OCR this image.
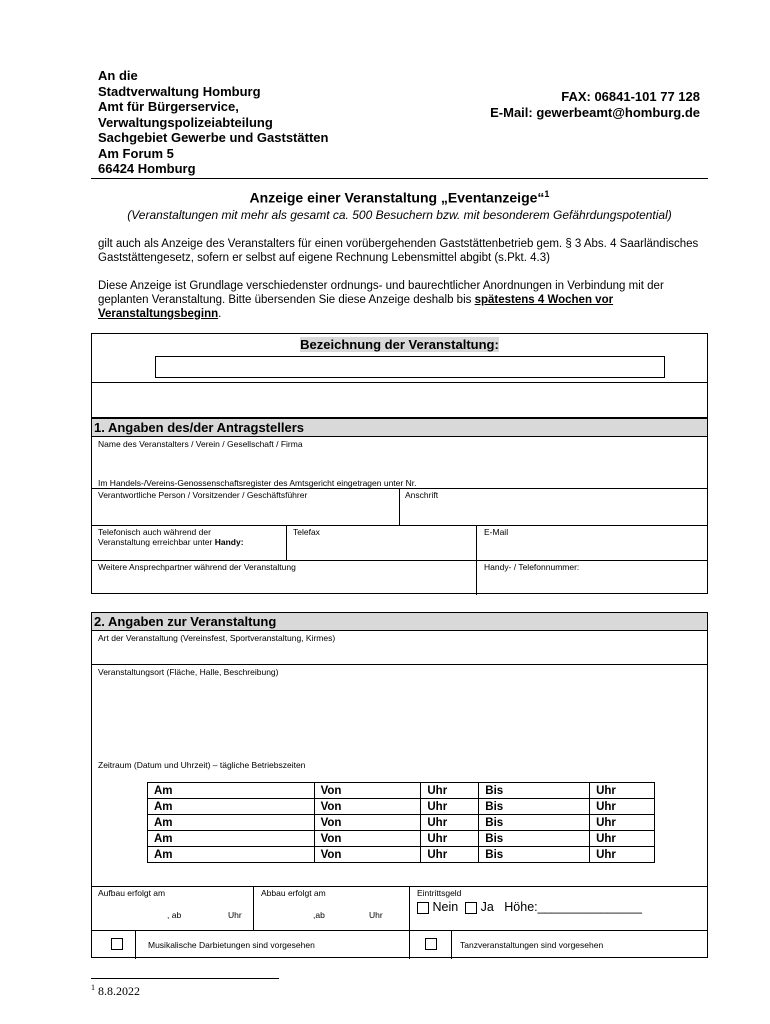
An die
Stadtverwaltung Homburg
Amt für Bürgerservice,
Verwaltungspolizeiabteilung
Sachgebiet Gewerbe und Gaststätten
Am Forum 5
66424 Homburg
FAX: 06841-101 77 128
E-Mail: gewerbeamt@homburg.de
Anzeige einer Veranstaltung „Eventanzeige“$^1$
(Veranstaltungen mit mehr als gesamt ca. 500 Besuchern bzw. mit besonderem Gefährdungspotential)
gilt auch als Anzeige des Veranstalters für einen vorübergehenden Gaststättenbetrieb gem. § 3 Abs. 4 Saarländisches Gaststättengesetz, sofern er selbst auf eigene Rechnung Lebensmittel abgibt (s.Pkt. 4.3)
Diese Anzeige ist Grundlage verschiedenster ordnungs- und baurechtlicher Anordnungen in Verbindung mit der geplanten Veranstaltung. Bitte übersenden Sie diese Anzeige deshalb bis spätestens 4 Wochen vor Veranstaltungsbeginn.
Bezeichnung der Veranstaltung:
1. Angaben des/der Antragstellers
Name des Veranstalters / Verein / Gesellschaft / Firma
Im Handels-/Vereins-Genossenschaftsregister des Amtsgericht eingetragen unter Nr.
Verantwortliche Person / Vorsitzender / Geschäftsführer	Anschrift
Telefonisch auch während der
Veranstaltung erreichbar unter Handy:
Telefax	E-Mail
Weitere Ansprechpartner während der Veranstaltung	Handy- / Telefonnummer:
2. Angaben zur Veranstaltung
Art der Veranstaltung (Vereinsfest, Sportveranstaltung, Kirmes)
Veranstaltungsort (Fläche, Halle, Beschreibung)
Zeitraum (Datum und Uhrzeit) – tägliche Betriebszeiten
Am	Von	Uhr	Bis	Uhr
Am	Von	Uhr	Bis	Uhr
Am	Von	Uhr	Bis	Uhr
Am	Von	Uhr	Bis	Uhr
Am	Von	Uhr	Bis	Uhr
Aufbau erfolgt am
, ab	Uhr
Abbau erfolgt am
,ab	Uhr
Eintrittsgeld
Nein Ja Höhe:_______________
Musikalische Darbietungen sind vorgesehen	Tanzveranstaltungen sind vorgesehen
$^1$ 8.8.2022
